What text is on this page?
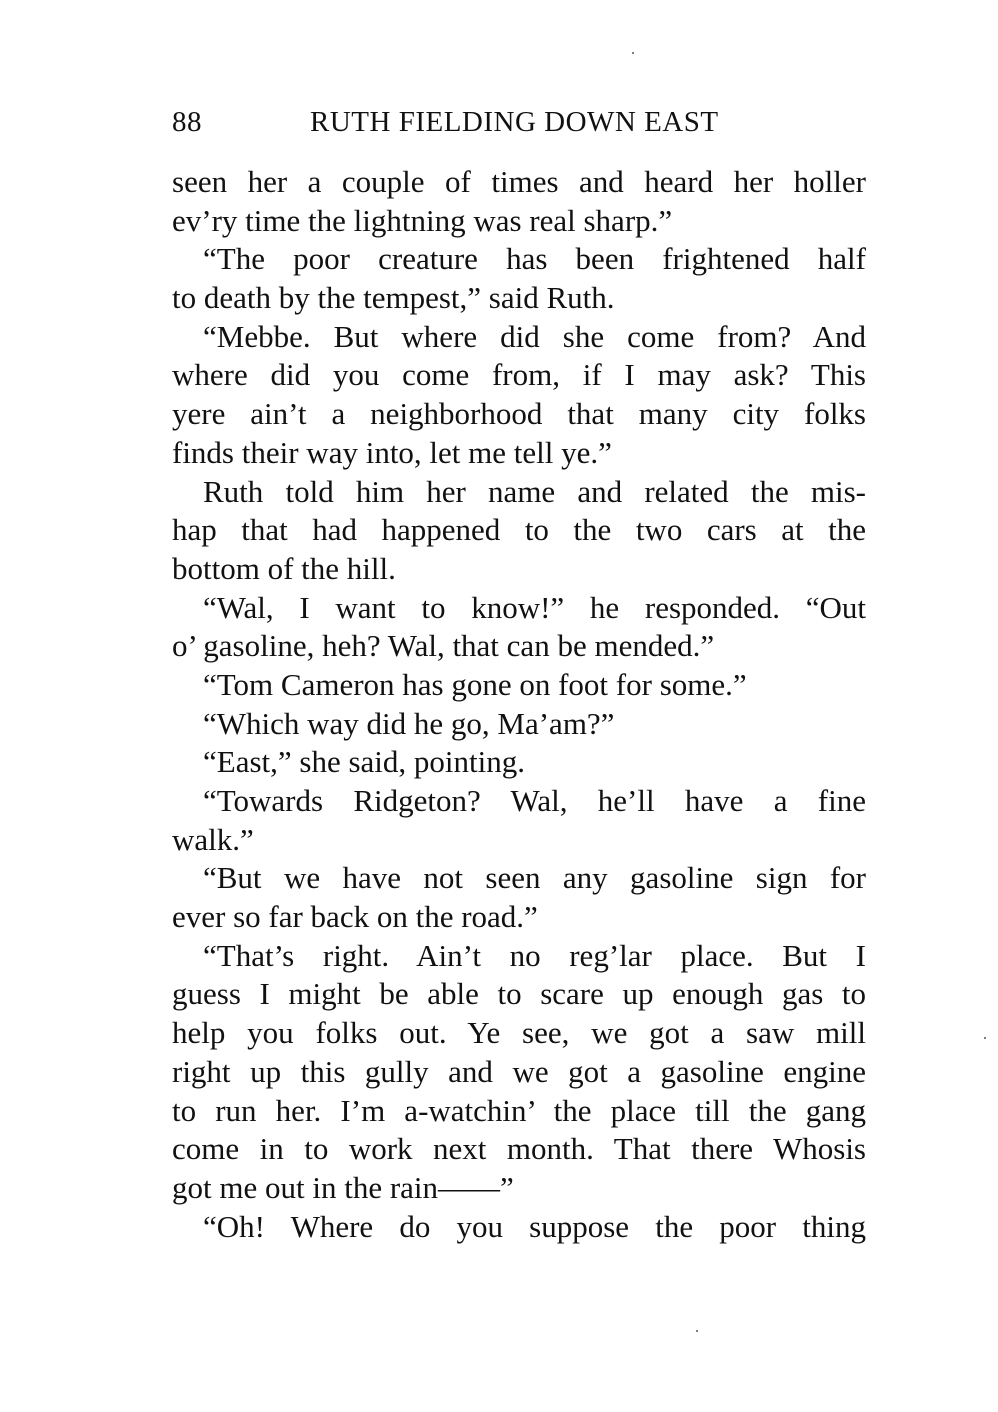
88	RUTH FIELDING DOWN EAST
seen her a couple of times and heard her holler
ev’ry time the lightning was real sharp.”
“The poor creature has been frightened half
to death by the tempest,” said Ruth.
“Mebbe. But where did she come from? And
where did you come from, if I may ask? This
yere ain’t a neighborhood that many city folks
finds their way into, let me tell ye.”
Ruth told him her name and related the mis-
hap that had happened to the two cars at the
bottom of the hill.
“Wal, I want to know!” he responded. “Out
o’ gasoline, heh? Wal, that can be mended.”
“Tom Cameron has gone on foot for some.”
“Which way did he go, Ma’am?”
“East,” she said, pointing.
“Towards Ridgeton? Wal, he’ll have a fine
walk.”
“But we have not seen any gasoline sign for
ever so far back on the road.”
“That’s right. Ain’t no reg’lar place. But I
guess I might be able to scare up enough gas to
help you folks out. Ye see, we got a saw mill
right up this gully and we got a gasoline engine
to run her. I’m a-watchin’ the place till the gang
come in to work next month. That there Whosis
got me out in the rain——”
“Oh! Where do you suppose the poor thing
